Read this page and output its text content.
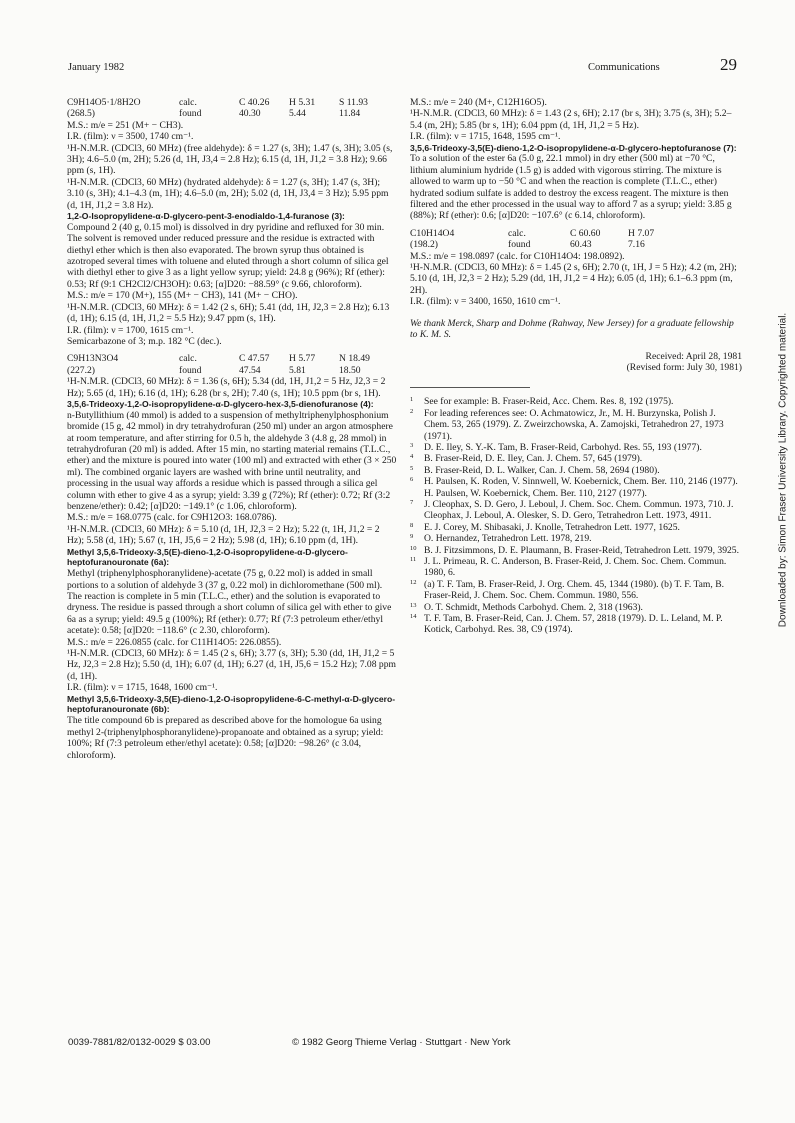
January 1982	Communications	29
C9H14O5·1/8H2O	calc.	C 40.26	H 5.31	S 11.93
(268.5)	found	40.30	5.44	11.84

M.S.: m/e = 251 (M+ − CH3).

I.R. (film): ν = 3500, 1740 cm⁻¹.

¹H-N.M.R. (CDCl3, 60 MHz) (free aldehyde): δ = 1.27 (s, 3H); 1.47 (s, 3H); 3.05 (s, 3H); 4.6–5.0 (m, 2H); 5.26 (d, 1H, J3,4 = 2.8 Hz); 6.15 (d, 1H, J1,2 = 3.8 Hz); 9.66 ppm (s, 1H).

¹H-N.M.R. (CDCl3, 60 MHz) (hydrated aldehyde): δ = 1.27 (s, 3H); 1.47 (s, 3H); 3.10 (s, 3H); 4.1–4.3 (m, 1H); 4.6–5.0 (m, 2H); 5.02 (d, 1H, J3,4 = 3 Hz); 5.95 ppm (d, 1H, J1,2 = 3.8 Hz).

1,2-O-Isopropylidene-α-D-glycero-pent-3-enodialdo-1,4-furanose (3):

Compound 2 (40 g, 0.15 mol) is dissolved in dry pyridine and refluxed for 30 min. The solvent is removed under reduced pressure and the residue is extracted with diethyl ether which is then also evaporated. The brown syrup thus obtained is azotroped several times with toluene and eluted through a short column of silica gel with diethyl ether to give 3 as a light yellow syrup; yield: 24.8 g (96%); Rf (ether): 0.53; Rf (9:1 CH2Cl2/CH3OH): 0.63; [α]D20: −88.59° (c 9.66, chloroform).

M.S.: m/e = 170 (M+), 155 (M+ − CH3), 141 (M+ − CHO).

¹H-N.M.R. (CDCl3, 60 MHz): δ = 1.42 (2 s, 6H); 5.41 (dd, 1H, J2,3 = 2.8 Hz); 6.13 (d, 1H); 6.15 (d, 1H, J1,2 = 5.5 Hz); 9.47 ppm (s, 1H).

I.R. (film): ν = 1700, 1615 cm⁻¹.

Semicarbazone of 3; m.p. 182 °C (dec.).

C9H13N3O4	calc.	C 47.57	H 5.77	N 18.49
(227.2)	found	47.54	5.81	18.50

¹H-N.M.R. (CDCl3, 60 MHz): δ = 1.36 (s, 6H); 5.34 (dd, 1H, J1,2 = 5 Hz, J2,3 = 2 Hz); 5.65 (d, 1H); 6.16 (d, 1H); 6.28 (br s, 2H); 7.40 (s, 1H); 10.5 ppm (br s, 1H).

3,5,6-Trideoxy-1,2-O-isopropylidene-α-D-glycero-hex-3,5-dienofuranose (4):

n-Butyllithium (40 mmol) is added to a suspension of methyltriphenylphosphonium bromide (15 g, 42 mmol) in dry tetrahydrofuran (250 ml) under an argon atmosphere at room temperature, and after stirring for 0.5 h, the aldehyde 3 (4.8 g, 28 mmol) in tetrahydrofuran (20 ml) is added. After 15 min, no starting material remains (T.L.C., ether) and the mixture is poured into water (100 ml) and extracted with ether (3 × 250 ml). The combined organic layers are washed with brine until neutrality, and processing in the usual way affords a residue which is passed through a silica gel column with ether to give 4 as a syrup; yield: 3.39 g (72%); Rf (ether): 0.72; Rf (3:2 benzene/ether): 0.42; [α]D20: −149.1° (c 1.06, chloroform).

M.S.: m/e = 168.0775 (calc. for C9H12O3: 168.0786).

¹H-N.M.R. (CDCl3, 60 MHz): δ = 5.10 (d, 1H, J2,3 = 2 Hz); 5.22 (t, 1H, J1,2 = 2 Hz); 5.58 (d, 1H); 5.67 (t, 1H, J5,6 = 2 Hz); 5.98 (d, 1H); 6.10 ppm (d, 1H).

Methyl 3,5,6-Trideoxy-3,5(E)-dieno-1,2-O-isopropylidene-α-D-glycero-heptofuranouronate (6a):

Methyl (triphenylphosphoranylidene)-acetate (75 g, 0.22 mol) is added in small portions to a solution of aldehyde 3 (37 g, 0.22 mol) in dichloromethane (500 ml). The reaction is complete in 5 min (T.L.C., ether) and the solution is evaporated to dryness. The residue is passed through a short column of silica gel with ether to give 6a as a syrup; yield: 49.5 g (100%); Rf (ether): 0.77; Rf (7:3 petroleum ether/ethyl acetate): 0.58; [α]D20: −118.6° (c 2.30, chloroform).

M.S.: m/e = 226.0855 (calc. for C11H14O5: 226.0855).

¹H-N.M.R. (CDCl3, 60 MHz): δ = 1.45 (2 s, 6H); 3.77 (s, 3H); 5.30 (dd, 1H, J1,2 = 5 Hz, J2,3 = 2.8 Hz); 5.50 (d, 1H); 6.07 (d, 1H); 6.27 (d, 1H, J5,6 = 15.2 Hz); 7.08 ppm (d, 1H).

I.R. (film): ν = 1715, 1648, 1600 cm⁻¹.

Methyl 3,5,6-Trideoxy-3,5(E)-dieno-1,2-O-isopropylidene-6-C-methyl-α-D-glycero-heptofuranouronate (6b):

The title compound 6b is prepared as described above for the homologue 6a using methyl 2-(triphenylphosphoranylidene)-propanoate and obtained as a syrup; yield: 100%; Rf (7:3 petroleum ether/ethyl acetate): 0.58; [α]D20: −98.26° (c 3.04, chloroform).

M.S.: m/e = 240 (M+, C12H16O5).

¹H-N.M.R. (CDCl3, 60 MHz): δ = 1.43 (2 s, 6H); 2.17 (br s, 3H); 3.75 (s, 3H); 5.2–5.4 (m, 2H); 5.85 (br s, 1H); 6.04 ppm (d, 1H, J1,2 = 5 Hz).

I.R. (film): ν = 1715, 1648, 1595 cm⁻¹.

3,5,6-Trideoxy-3,5(E)-dieno-1,2-O-isopropylidene-α-D-glycero-heptofuranose (7):

To a solution of the ester 6a (5.0 g, 22.1 mmol) in dry ether (500 ml) at −70 °C, lithium aluminium hydride (1.5 g) is added with vigorous stirring. The mixture is allowed to warm up to −50 °C and when the reaction is complete (T.L.C., ether) hydrated sodium sulfate is added to destroy the excess reagent. The mixture is then filtered and the ether processed in the usual way to afford 7 as a syrup; yield: 3.85 g (88%); Rf (ether): 0.6; [α]D20: −107.6° (c 6.14, chloroform).

C10H14O4	calc.	C 60.60	H 7.07
(198.2)	found	60.43	7.16

M.S.: m/e = 198.0897 (calc. for C10H14O4: 198.0892).

¹H-N.M.R. (CDCl3, 60 MHz): δ = 1.45 (2 s, 6H); 2.70 (t, 1H, J = 5 Hz); 4.2 (m, 2H); 5.10 (d, 1H, J2,3 = 2 Hz); 5.29 (dd, 1H, J1,2 = 4 Hz); 6.05 (d, 1H); 6.1–6.3 ppm (m, 2H).

I.R. (film): ν = 3400, 1650, 1610 cm⁻¹.

We thank Merck, Sharp and Dohme (Rahway, New Jersey) for a graduate fellowship to K. M. S.

Received: April 28, 1981

(Revised form: July 30, 1981)

1 See for example: B. Fraser-Reid, Acc. Chem. Res. 8, 192 (1975).
2 For leading references see: O. Achmatowicz, Jr., M. H. Burzynska, Polish J. Chem. 53, 265 (1979). Z. Zweirzchowska, A. Zamojski, Tetrahedron 27, 1973 (1971).
3 D. E. Iley, S. Y.-K. Tam, B. Fraser-Reid, Carbohyd. Res. 55, 193 (1977).
4 B. Fraser-Reid, D. E. Iley, Can. J. Chem. 57, 645 (1979).
5 B. Fraser-Reid, D. L. Walker, Can. J. Chem. 58, 2694 (1980).
6 H. Paulsen, K. Roden, V. Sinnwell, W. Koebernick, Chem. Ber. 110, 2146 (1977). H. Paulsen, W. Koebernick, Chem. Ber. 110, 2127 (1977).
7 J. Cleophax, S. D. Gero, J. Leboul, J. Chem. Soc. Chem. Commun. 1973, 710. J. Cleophax, J. Leboul, A. Olesker, S. D. Gero, Tetrahedron Lett. 1973, 4911.
8 E. J. Corey, M. Shibasaki, J. Knolle, Tetrahedron Lett. 1977, 1625.
9 O. Hernandez, Tetrahedron Lett. 1978, 219.
10 B. J. Fitzsimmons, D. E. Plaumann, B. Fraser-Reid, Tetrahedron Lett. 1979, 3925.
11 J. L. Primeau, R. C. Anderson, B. Fraser-Reid, J. Chem. Soc. Chem. Commun. 1980, 6.
12 (a) T. F. Tam, B. Fraser-Reid, J. Org. Chem. 45, 1344 (1980). (b) T. F. Tam, B. Fraser-Reid, J. Chem. Soc. Chem. Commun. 1980, 556.
13 O. T. Schmidt, Methods Carbohyd. Chem. 2, 318 (1963).
14 T. F. Tam, B. Fraser-Reid, Can. J. Chem. 57, 2818 (1979). D. L. Leland, M. P. Kotick, Carbohyd. Res. 38, C9 (1974).
0039-7881/82/0132-0029 $ 03.00	© 1982 Georg Thieme Verlag · Stuttgart · New York
Downloaded by: Simon Fraser University Library. Copyrighted material.
